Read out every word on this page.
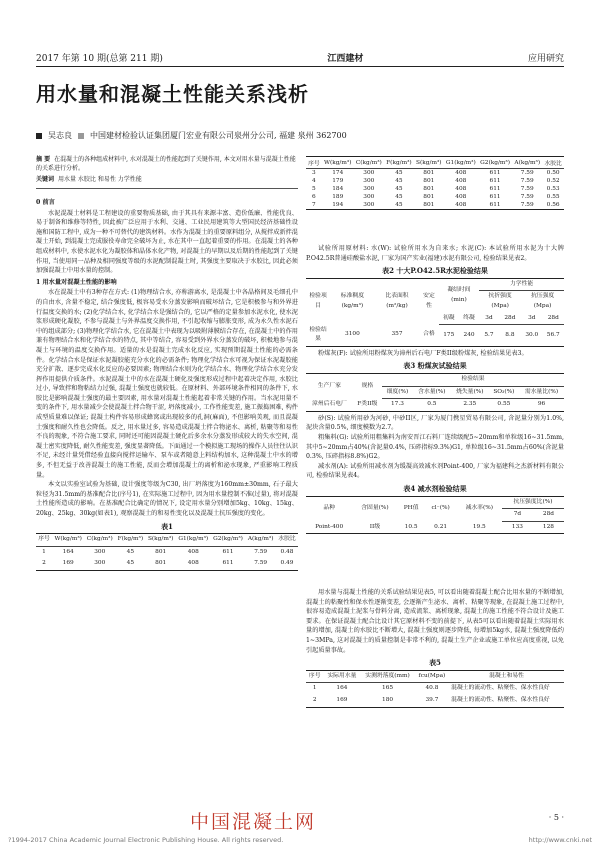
2017 年第 10 期(总第 211 期)	江西建材	应用研究
用水量和混凝土性能关系浅析
吴志良 中国建材检验认证集团厦门宏业有限公司泉州分公司, 福建 泉州 362700
摘 要 在混凝土的各种组成材料中, 水对混凝土的性能起到了关键作用, 本文对用水量与混凝土性能的关系进行分析。
关键词 用水量 水胶比 和易性 力学性能
0 前言

水泥混凝土材料是工程建设的重要物质基础, 由于其具有来源丰富、造价低廉、性能优良、易于制备和维修等特性, 因此被广泛应用于水利、交通、工业民用建筑等大型国民经济基础性设施和国防工程中, 成为一种不可替代的建筑材料。水作为混凝土的重要原料组分, 从搅拌成新拌混凝土开始, 到混凝土完成服役寿命完全破坏为止, 水在其中一直起着重要的作用。在混凝土的各种组成材料中, 水使水泥水化为凝胶体和晶体水化产物, 对混凝土的早期以及后期的性能起到了关键作用, 当使用同一品种及相同强度等级的水泥配制混凝土时, 其强度主要取决于水胶比, 因此必须加强混凝土中用水量的控制。

1 用水量对混凝土性能的影响

水在混凝土中有3种存在方式: (1)物理结合水, 亦称游离水, 是混凝土中各晶格间及毛细孔中的自由水, 含量不稳定, 结合强度低, 极容易受水分蒸发影响而破坏结合, 它是积极参与和外界进行温度交换的水; (2)化学结合水, 化学结合水是强结合的, 它以严格的定量参加水泥水化, 使水泥浆形成硬化凝胶, 不参与混凝土与外界温度交换作用, 不引起收缩与膨胀变形, 成为永久性水泥石中的组成部分; (3)物理化学结合水, 它在混凝土中表现为以吸附薄膜结合存在, 在混凝土中的作用兼有物理结合水和化学结合水的特点, 其中等结合, 容易受到外界水分蒸发的破坏, 积极地参与混凝土与环境的温度交换作用。适量的水是混凝土完成水化反应, 实现预期混凝土性能的必需条件。化学结合水是保证水泥凝胶能充分水化的必需条件; 物理化学结合水可视为保证水泥凝胶能充分扩散、逐步完成水化反应的必要因素; 物理结合水则为化学结合水、物理化学结合水充分发挥作用提供介质条件。水泥混凝土中的水在混凝土硬化及强度形成过程中起着决定作用, 水胶比过小, 导致拌和物粘结力过强, 混凝土强度也就较低。在原材料、外部环境条件相同的条件下, 水胶比是影响混凝土强度的最主要因素, 用水量对混凝土性能起着非常关键的作用。当水泥用量不变的条件下, 用水量减少会使混凝土拌合物干涩, 坍落度减小, 工作性能变差, 施工振捣困难, 构件成型质量难以保证; 混凝土构件容易形成蜂窝或出现较多的孔洞(麻面), 不但影响美观, 而且混凝土强度和耐久性也会降低。反之, 用水量过多, 容易造成混凝土拌合物泌水、离析, 粘聚等和易性不良的现象, 不符合施工要求, 同时还可能因混凝土硬化后多余水分蒸发形成较大的失水空间, 混凝土密实度降低, 耐久性能变差, 强度显著降低。下面通过一个模拟施工现场的操作人员往往认识不足, 未经计量凭借经验直接向搅拌运输车、泵车或者随意上料结构加水, 这种混凝土中水的增多, 不但无益于改善混凝土的施工性能, 反而会增加混凝土的离析和泌水现象, 严重影响工程质量。

本文以实验室试验为基础, 设计强度等级为C30, 出厂坍落度为160mm±30mm, 石子最大粒径为31.5mm的基准配合比(序号1), 在实际施工过程中, 因为用水量控制不准(过量), 将对混凝土性能所造成的影响。在基准配合比确定的情况下, 设定用水量分别增加5kg、10kg、15kg、20kg、25kg、30kg(如表1), 观察混凝土的和易性变化以及混凝土抗压强度的变化。

表1
序号	W(kg/m³)	C(kg/m³)	F(kg/m³)	S(kg/m³)	G1(kg/m³)	G2(kg/m³)	A(kg/m³)	水胶比
1	164	300	45	801	408	611	7.59	0.48
2	169	300	45	801	408	611	7.59	0.49
序号	W(kg/m³)	C(kg/m³)	F(kg/m³)	S(kg/m³)	G1(kg/m³)	G2(kg/m³)	A(kg/m³)	水胶比
3	174	300	45	801	408	611	7.59	0.50
4	179	300	45	801	408	611	7.59	0.52
5	184	300	45	801	408	611	7.59	0.53
6	189	300	45	801	408	611	7.59	0.55
7	194	300	45	801	408	611	7.59	0.56

试验所用原材料: 水(W): 试验所用水为自来水; 水泥(C): 本试验所用水泥为十大牌P.O42.5R普通硅酸盐水泥, 厂家为国产实业(福建)水泥有限公司, 检验结果见表2。

表2 十大P.O42.5R水泥检验结果
检验项目	标准稠度(kg/m³)	比表面积(m²/kg)	安定性	凝结时间(min)		力学性能			
						抗折强度(Mpa)		抗压强度(Mpa)	
				初凝	终凝	3d	28d	3d	28d
检验结果	3100	357	合格	175	240	5.7	8.8	30.0	56.7

粉煤灰(F): 试验所用粉煤灰为漳州后石电厂F类II级粉煤灰, 检验结果见表3。

表3 粉煤灰试验结果
生产厂家	规格	检验结果				
		细度(%)	含水量(%)	烧失量(%)	SO₃(%)	需水量比(%)
漳州后石电厂	F类II级	17.3	0.5	2.35	0.55	96

砂(S): 试验所用砂为河砂, 中砂II区, 厂家为厦门携星贸易有限公司, 含泥量分别为1.0%, 泥块含量0.5%, 细度模数为2.7。

粗集料(G): 试验所用粗集料为南安晋江石料厂连续级配5~20mm和单粒级16~31.5mm, 其中5~20mm占40%(含泥量0.4%, 压碎指标9.3%)G1, 单粒级16~31.5mm占60%(含泥量0.3%, 压碎指标8.8%)G2。

减水剂(A): 试验所用减水剂为缓凝高效减水剂Point-400, 厂家为福建科之杰新材料有限公司, 检验结果见表4。

表4 减水剂检验结果
品种	含固量(%)	PH值	cl⁻(%)	减水率(%)	抗压强度比(%)	
					7d	28d
Point-400	II级	10.5	0.21	19.5	133	128

用水量与混凝土性能的关系试验结果见表5, 可以看出随着混凝土配合比用水量的不断增加, 混凝土的粘聚性和保水性逐渐变差, 会逐渐产生泌水、离析、粘聚等现象, 在混凝土施工过程中, 很容易造成混凝土泥浆与骨料分离, 造成流浆、离析现象, 混凝土的施工性能不符合设计及施工要求。在保证混凝土配合比设计其它原材料不变的前提下, 从表5可以看出随着混凝土实际用水量的增加, 混凝土的水胶比不断增大, 混凝土强度则逐步降低, 每增加5kg水, 混凝土强度降低约1~3MPa, 这对混凝土的质量控制是非常不利的, 混凝土生产企业或施工单位应高度重视, 以免引起质量事故。

表5
序号	实际用水量	实测坍落度(mm)	fcu(Mpa)	混凝土和易性
1	164	165	40.8	混凝土的流动性、粘聚性、保水性良好
2	169	180	39.7	混凝土的流动性、粘聚性、保水性良好
· 5 ·
中国混凝土网
?1994-2017 China Academic Journal Electronic Publishing House. All rights reserved.	http://www.cnki.net
